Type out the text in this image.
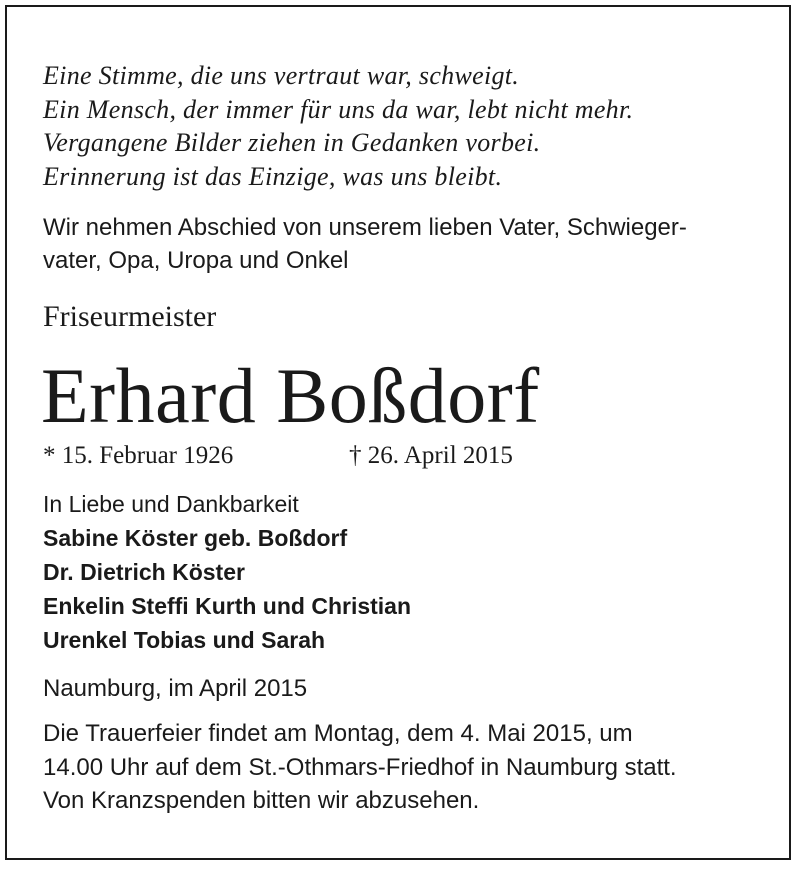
Eine Stimme, die uns vertraut war, schweigt.
Ein Mensch, der immer für uns da war, lebt nicht mehr.
Vergangene Bilder ziehen in Gedanken vorbei.
Erinnerung ist das Einzige, was uns bleibt.
Wir nehmen Abschied von unserem lieben Vater, Schwieger-
vater, Opa, Uropa und Onkel
Friseurmeister
Erhard Boßdorf
* 15. Februar 1926	† 26. April 2015
In Liebe und Dankbarkeit
Sabine Köster geb. Boßdorf
Dr. Dietrich Köster
Enkelin Steffi Kurth und Christian
Urenkel Tobias und Sarah
Naumburg, im April 2015
Die Trauerfeier findet am Montag, dem 4. Mai 2015, um
14.00 Uhr auf dem St.-Othmars-Friedhof in Naumburg statt.
Von Kranzspenden bitten wir abzusehen.
